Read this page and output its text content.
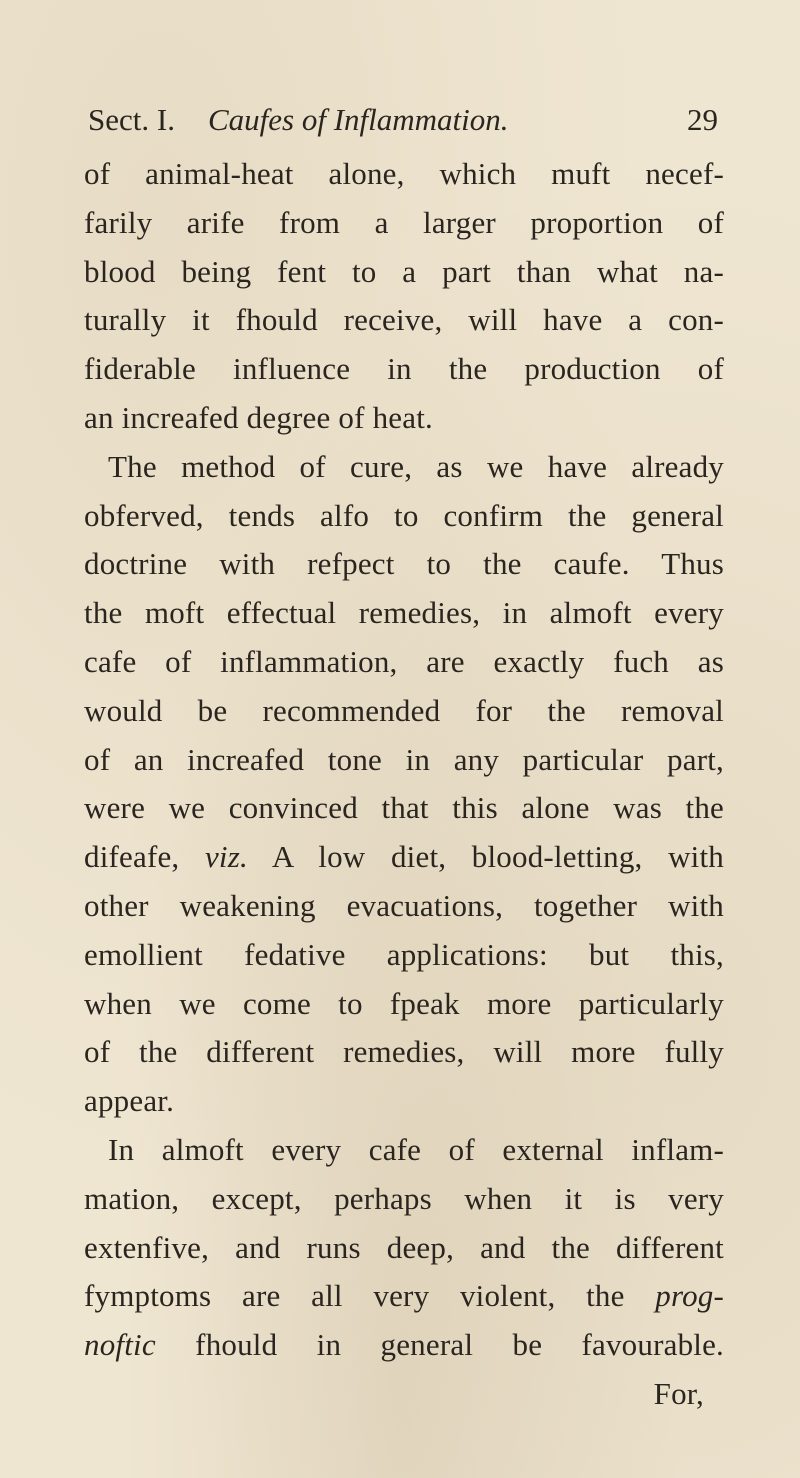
Sect. I. Caufes of Inflammation.	29
of animal-heat alone, which muft necef-
farily arife from a larger proportion of
blood being fent to a part than what na-
turally it fhould receive, will have a con-
fiderable influence in the production of
an increafed degree of heat.
The method of cure, as we have already
obferved, tends alfo to confirm the general
doctrine with refpect to the caufe. Thus
the moft effectual remedies, in almoft every
cafe of inflammation, are exactly fuch as
would be recommended for the removal
of an increafed tone in any particular part,
were we convinced that this alone was the
difeafe, viz. A low diet, blood-letting, with
other weakening evacuations, together with
emollient fedative applications: but this,
when we come to fpeak more particularly
of the different remedies, will more fully
appear.
In almoft every cafe of external inflam-
mation, except, perhaps when it is very
extenfive, and runs deep, and the different
fymptoms are all very violent, the prog-
noftic fhould in general be favourable.
For,
